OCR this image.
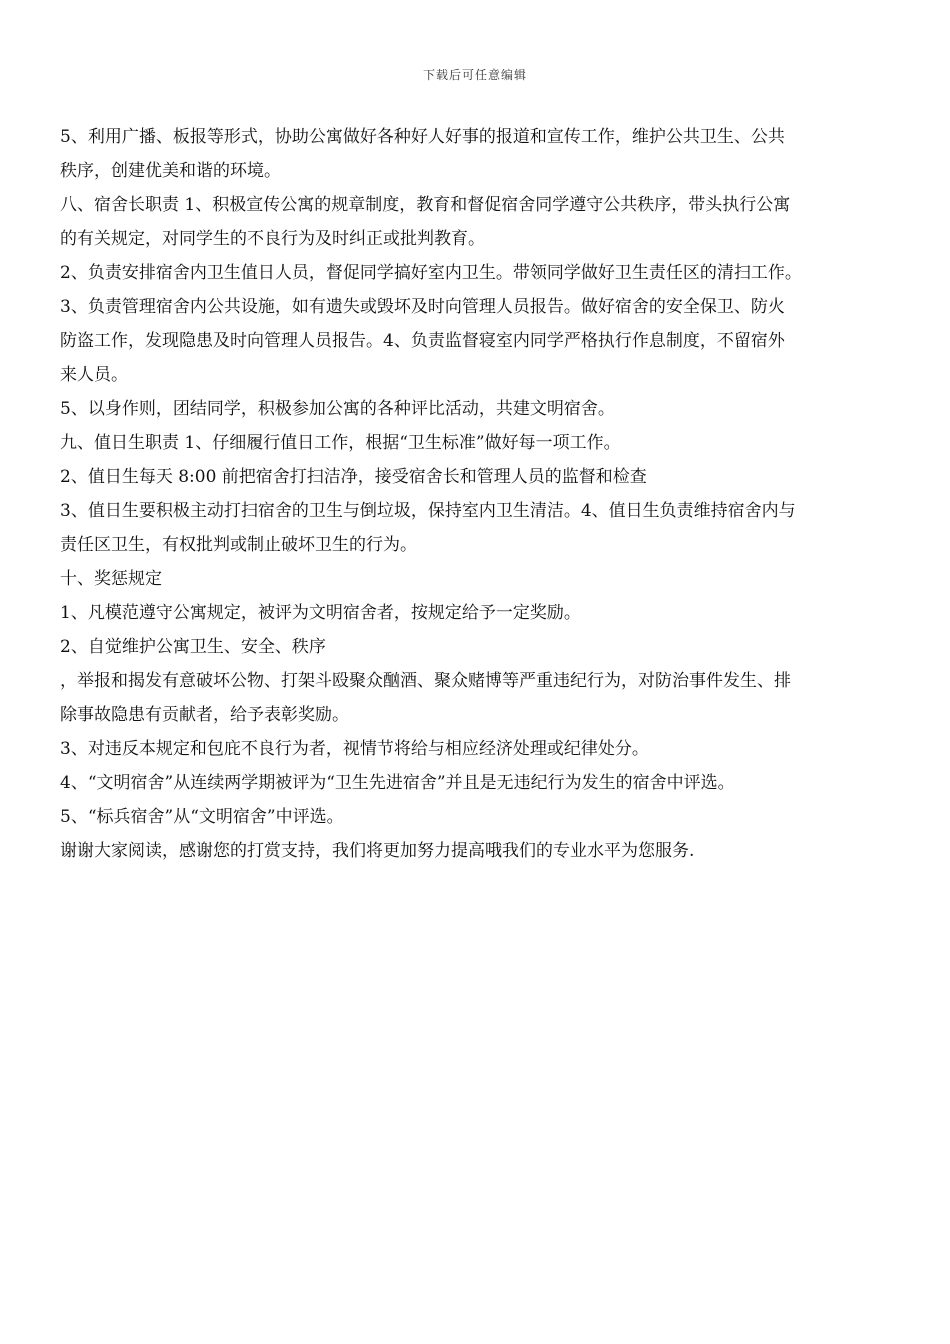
下载后可任意编辑
5、利用广播、板报等形式，协助公寓做好各种好人好事的报道和宣传工作，维护公共卫生、公共
秩序，创建优美和谐的环境。
八、宿舍长职责 1、积极宣传公寓的规章制度，教育和督促宿舍同学遵守公共秩序，带头执行公寓
的有关规定，对同学生的不良行为及时纠正或批判教育。
2、负责安排宿舍内卫生值日人员，督促同学搞好室内卫生。带领同学做好卫生责任区的清扫工作。
3、负责管理宿舍内公共设施，如有遗失或毁坏及时向管理人员报告。做好宿舍的安全保卫、防火
防盗工作，发现隐患及时向管理人员报告。4、负责监督寝室内同学严格执行作息制度，不留宿外
来人员。
5、以身作则，团结同学，积极参加公寓的各种评比活动，共建文明宿舍。
九、值日生职责 1、仔细履行值日工作，根据“卫生标准”做好每一项工作。
2、值日生每天 8:00 前把宿舍打扫洁净，接受宿舍长和管理人员的监督和检查
3、值日生要积极主动打扫宿舍的卫生与倒垃圾，保持室内卫生清洁。4、值日生负责维持宿舍内与
责任区卫生，有权批判或制止破坏卫生的行为。
十、奖惩规定
1、凡模范遵守公寓规定，被评为文明宿舍者，按规定给予一定奖励。
2、自觉维护公寓卫生、安全、秩序
，举报和揭发有意破坏公物、打架斗殴聚众酗酒、聚众赌博等严重违纪行为，对防治事件发生、排
除事故隐患有贡献者，给予表彰奖励。
3、对违反本规定和包庇不良行为者，视情节将给与相应经济处理或纪律处分。
4、“文明宿舍”从连续两学期被评为“卫生先进宿舍”并且是无违纪行为发生的宿舍中评选。
5、“标兵宿舍”从“文明宿舍”中评选。
谢谢大家阅读，感谢您的打赏支持，我们将更加努力提高哦我们的专业水平为您服务.
